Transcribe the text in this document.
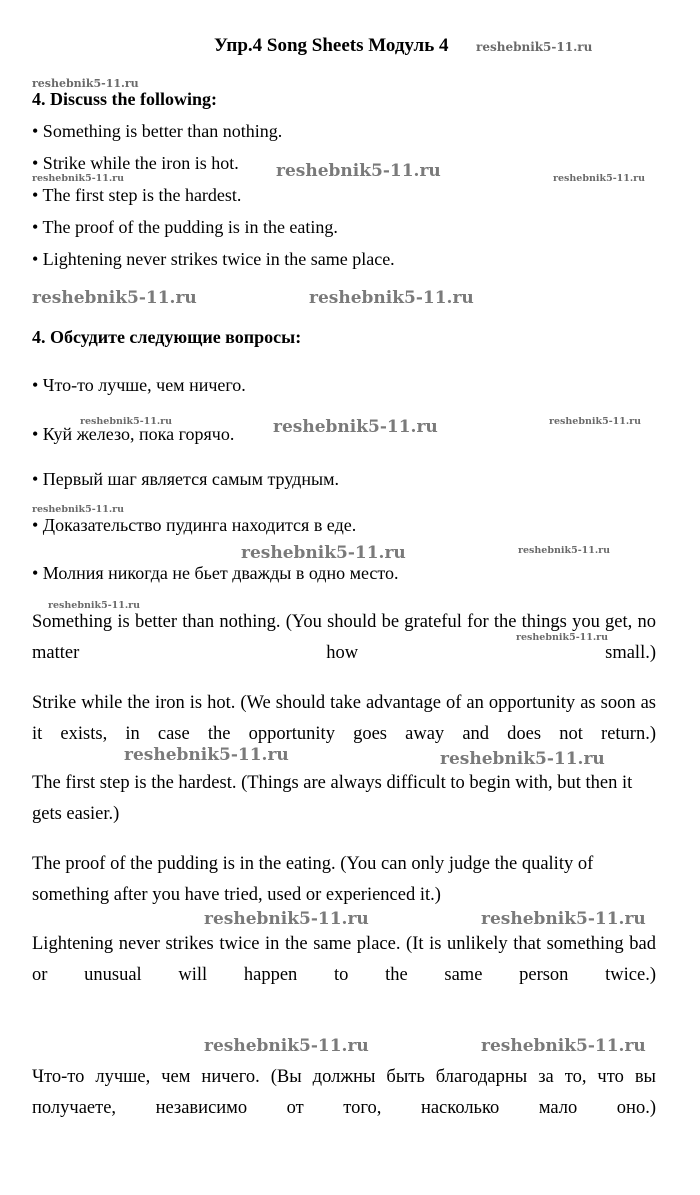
Упр.4 Song Sheets Модуль 4 reshebnik5-11.ru
reshebnik5-11.ru
4. Discuss the following:
• Something is better than nothing.
• Strike while the iron is hot.
reshebnik5-11.ru	reshebnik5-11.ru	reshebnik5-11.ru
• The first step is the hardest.
• The proof of the pudding is in the eating.
• Lightening never strikes twice in the same place.
reshebnik5-11.ru	reshebnik5-11.ru
4. Обсудите следующие вопросы:
• Что-то лучше, чем ничего.
reshebnik5-11.ru
• Куй железо, пока горячо. reshebnik5-11.ru	reshebnik5-11.ru
• Первый шаг является самым трудным.
reshebnik5-11.ru
• Доказательство пудинга находится в еде.
reshebnik5-11.ru	reshebnik5-11.ru
• Молния никогда не бьет дважды в одно место.
reshebnik5-11.ru
Something is better than nothing. (You should be grateful for the things you get, no matter how small.)
reshebnik5-11.ru
Strike while the iron is hot. (We should take advantage of an opportunity as soon as it exists, in case the opportunity goes away and does not return.)
reshebnik5-11.ru	reshebnik5-11.ru
The first step is the hardest. (Things are always difficult to begin with, but then it gets easier.)
The proof of the pudding is in the eating. (You can only judge the quality of something after you have tried, used or experienced it.)
reshebnik5-11.ru	reshebnik5-11.ru
Lightening never strikes twice in the same place. (It is unlikely that something bad or unusual will happen to the same person twice.)
reshebnik5-11.ru	reshebnik5-11.ru
Что-то лучше, чем ничего. (Вы должны быть благодарны за то, что вы получаете, независимо от того, насколько мало оно.)
